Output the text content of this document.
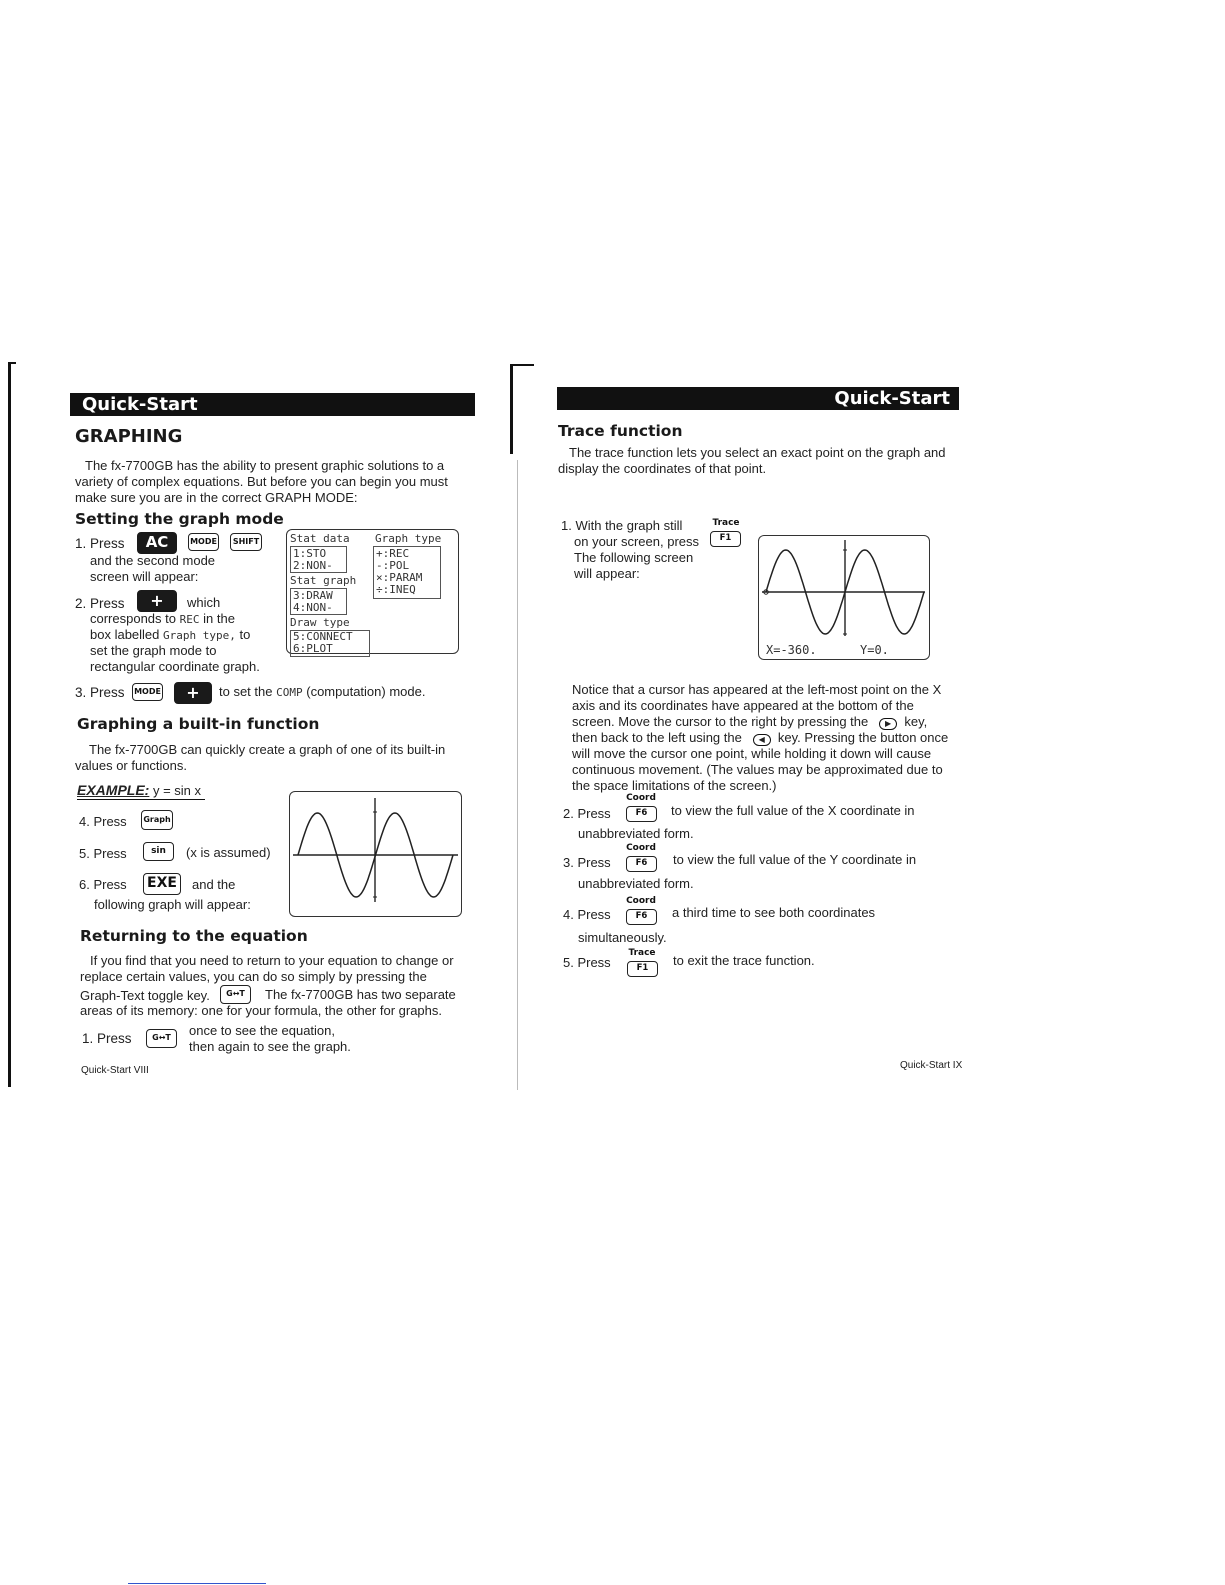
Quick-Start
GRAPHING
The fx-7700GB has the ability to present graphic solutions to a
variety of complex equations. But before you can begin you must
make sure you are in the correct GRAPH MODE:
Setting the graph mode
1. Press	AC	MODE	SHIFT
and the second mode
screen will appear:
2. Press	+	which
corresponds to REC in the
box labelled Graph type, to
set the graph mode to
rectangular coordinate graph.
Stat data Graph type
1:STO
2:NON-
+:REC
-:POL
×:PARAM
÷:INEQ
Stat graph
3:DRAW
4:NON-
Draw type
5:CONNECT
6:PLOT
3. Press MODE	+	to set the COMP (computation) mode.
Graphing a built-in function
The fx-7700GB can quickly create a graph of one of its built-in
values or functions.
EXAMPLE: y = sin x
4. Press Graph
5. Press	sin	(x is assumed)
6. Press EXE	and the
following graph will appear:
Returning to the equation
If you find that you need to return to your equation to change or
replace certain values, you can do so simply by pressing the
Graph-Text toggle key.	G↔T	The fx-7700GB has two separate
areas of its memory: one for your formula, the other for graphs.
1. Press	G↔T	once to see the equation,
then again to see the graph.
Quick-Start VIII
Quick-Start
Trace function
The trace function lets you select an exact point on the graph and
display the coordinates of that point.
1. With the graph still
on your screen, press
The following screen
will appear:
Trace
F1
X=-360.	Y=0.
Notice that a cursor has appeared at the left-most point on the X
axis and its coordinates have appeared at the bottom of the
screen. Move the cursor to the right by pressing the ▶ key,
then back to the left using the ◀ key. Pressing the button once
will move the cursor one point, while holding it down will cause
continuous movement. (The values may be approximated due to
the space limitations of the screen.)
Coord
2. Press	F6	to view the full value of the X coordinate in
unabbreviated form.
Coord
3. Press	F6	to view the full value of the Y coordinate in
unabbreviated form.
Coord
4. Press	F6	a third time to see both coordinates
simultaneously.
Trace
5. Press	F1	to exit the trace function.
Quick-Start IX
